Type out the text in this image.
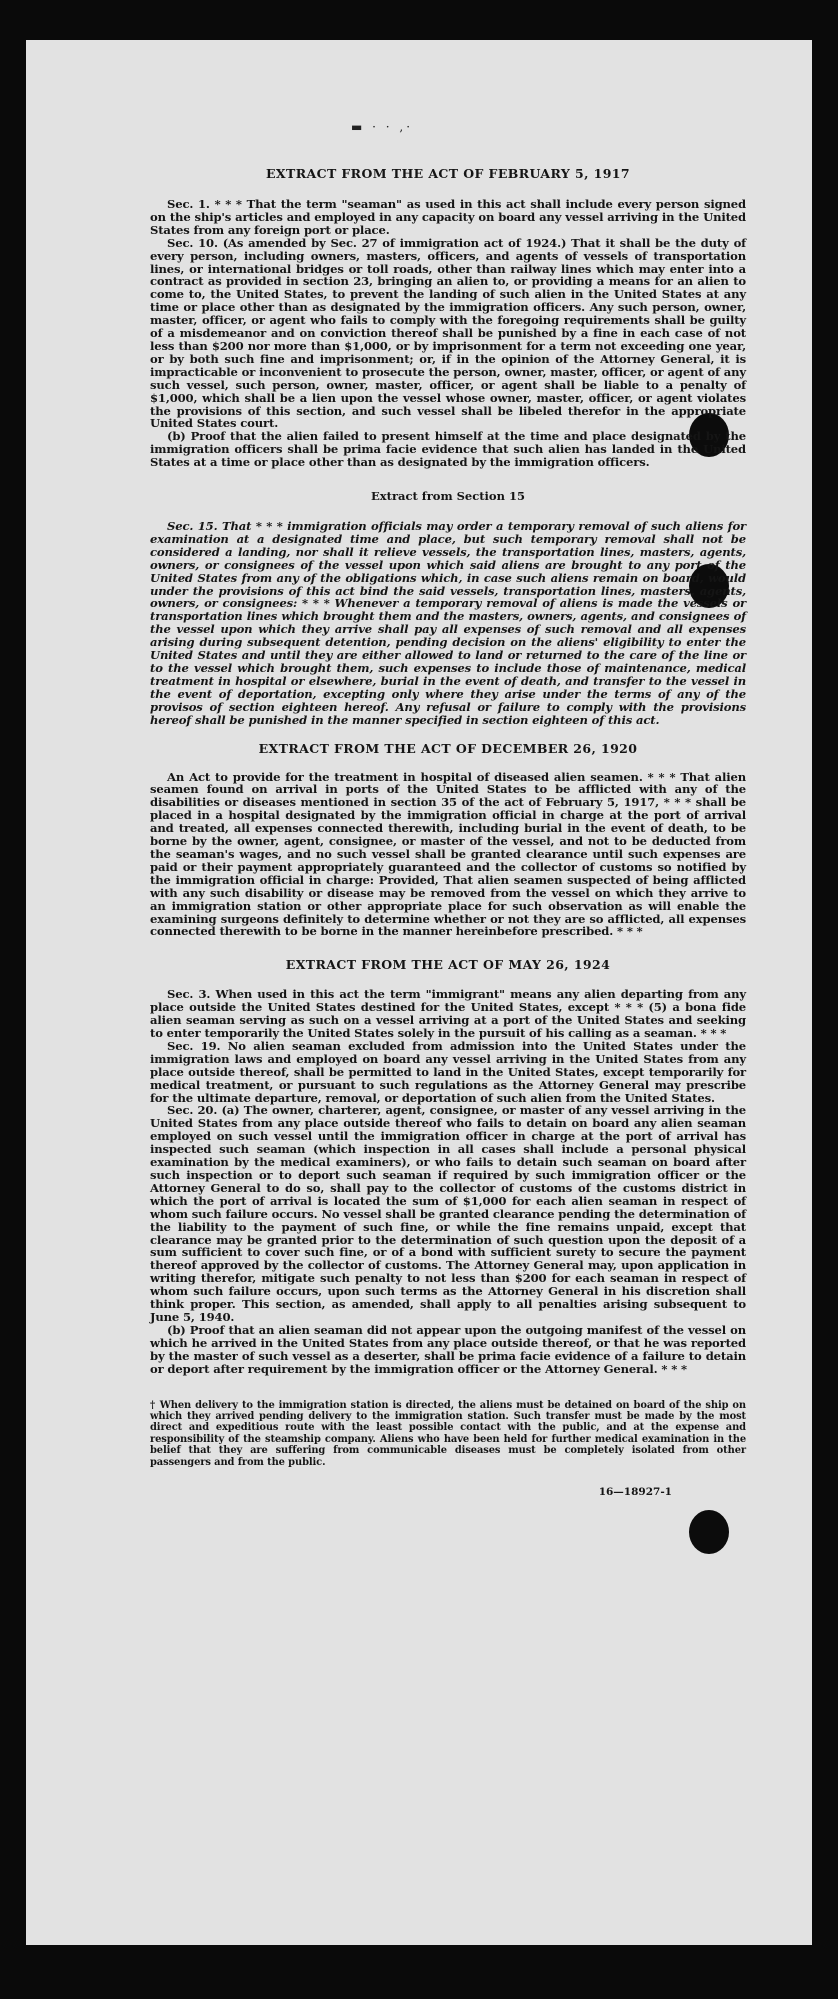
▬ · · ,·
EXTRACT FROM THE ACT OF FEBRUARY 5, 1917

Sec. 1. * * * That the term "seaman" as used in this act shall include every person signed on the ship's articles and employed in any capacity on board any vessel arriving in the United States from any foreign port or place.

Sec. 10. (As amended by Sec. 27 of immigration act of 1924.) That it shall be the duty of every person, including owners, masters, officers, and agents of vessels of transportation lines, or international bridges or toll roads, other than railway lines which may enter into a contract as provided in section 23, bringing an alien to, or providing a means for an alien to come to, the United States, to prevent the landing of such alien in the United States at any time or place other than as designated by the immigration officers. Any such person, owner, master, officer, or agent who fails to comply with the foregoing requirements shall be guilty of a misdemeanor and on conviction thereof shall be punished by a fine in each case of not less than $200 nor more than $1,000, or by imprisonment for a term not exceeding one year, or by both such fine and imprisonment; or, if in the opinion of the Attorney General, it is impracticable or inconvenient to prosecute the person, owner, master, officer, or agent of any such vessel, such person, owner, master, officer, or agent shall be liable to a penalty of $1,000, which shall be a lien upon the vessel whose owner, master, officer, or agent violates the provisions of this section, and such vessel shall be libeled therefor in the appropriate United States court.

(b) Proof that the alien failed to present himself at the time and place designated by the immigration officers shall be prima facie evidence that such alien has landed in the United States at a time or place other than as designated by the immigration officers.

Extract from Section 15

Sec. 15. That * * * immigration officials may order a temporary removal of such aliens for examination at a designated time and place, but such temporary removal shall not be considered a landing, nor shall it relieve vessels, the transportation lines, masters, agents, owners, or consignees of the vessel upon which said aliens are brought to any port of the United States from any of the obligations which, in case such aliens remain on board, would under the provisions of this act bind the said vessels, transportation lines, masters, agents, owners, or consignees: * * * Whenever a temporary removal of aliens is made the vessels or transportation lines which brought them and the masters, owners, agents, and consignees of the vessel upon which they arrive shall pay all expenses of such removal and all expenses arising during subsequent detention, pending decision on the aliens' eligibility to enter the United States and until they are either allowed to land or returned to the care of the line or to the vessel which brought them, such expenses to include those of maintenance, medical treatment in hospital or elsewhere, burial in the event of death, and transfer to the vessel in the event of deportation, excepting only where they arise under the terms of any of the provisos of section eighteen hereof. Any refusal or failure to comply with the provisions hereof shall be punished in the manner specified in section eighteen of this act.

EXTRACT FROM THE ACT OF DECEMBER 26, 1920

An Act to provide for the treatment in hospital of diseased alien seamen. * * * That alien seamen found on arrival in ports of the United States to be afflicted with any of the disabilities or diseases mentioned in section 35 of the act of February 5, 1917, * * * shall be placed in a hospital designated by the immigration official in charge at the port of arrival and treated, all expenses connected therewith, including burial in the event of death, to be borne by the owner, agent, consignee, or master of the vessel, and not to be deducted from the seaman's wages, and no such vessel shall be granted clearance until such expenses are paid or their payment appropriately guaranteed and the collector of customs so notified by the immigration official in charge: Provided, That alien seamen suspected of being afflicted with any such disability or disease may be removed from the vessel on which they arrive to an immigration station or other appropriate place for such observation as will enable the examining surgeons definitely to determine whether or not they are so afflicted, all expenses connected therewith to be borne in the manner hereinbefore prescribed. * * *

EXTRACT FROM THE ACT OF MAY 26, 1924

Sec. 3. When used in this act the term "immigrant" means any alien departing from any place outside the United States destined for the United States, except * * * (5) a bona fide alien seaman serving as such on a vessel arriving at a port of the United States and seeking to enter temporarily the United States solely in the pursuit of his calling as a seaman. * * *

Sec. 19. No alien seaman excluded from admission into the United States under the immigration laws and employed on board any vessel arriving in the United States from any place outside thereof, shall be permitted to land in the United States, except temporarily for medical treatment, or pursuant to such regulations as the Attorney General may prescribe for the ultimate departure, removal, or deportation of such alien from the United States.

Sec. 20. (a) The owner, charterer, agent, consignee, or master of any vessel arriving in the United States from any place outside thereof who fails to detain on board any alien seaman employed on such vessel until the immigration officer in charge at the port of arrival has inspected such seaman (which inspection in all cases shall include a personal physical examination by the medical examiners), or who fails to detain such seaman on board after such inspection or to deport such seaman if required by such immigration officer or the Attorney General to do so, shall pay to the collector of customs of the customs district in which the port of arrival is located the sum of $1,000 for each alien seaman in respect of whom such failure occurs. No vessel shall be granted clearance pending the determination of the liability to the payment of such fine, or while the fine remains unpaid, except that clearance may be granted prior to the determination of such question upon the deposit of a sum sufficient to cover such fine, or of a bond with sufficient surety to secure the payment thereof approved by the collector of customs. The Attorney General may, upon application in writing therefor, mitigate such penalty to not less than $200 for each seaman in respect of whom such failure occurs, upon such terms as the Attorney General in his discretion shall think proper. This section, as amended, shall apply to all penalties arising subsequent to June 5, 1940.

(b) Proof that an alien seaman did not appear upon the outgoing manifest of the vessel on which he arrived in the United States from any place outside thereof, or that he was reported by the master of such vessel as a deserter, shall be prima facie evidence of a failure to detain or deport after requirement by the immigration officer or the Attorney General. * * *

† When delivery to the immigration station is directed, the aliens must be detained on board of the ship on which they arrived pending delivery to the immigration station. Such transfer must be made by the most direct and expeditious route with the least possible contact with the public, and at the expense and responsibility of the steamship company. Aliens who have been held for further medical examination in the belief that they are suffering from communicable diseases must be completely isolated from other passengers and from the public.
16—18927-1
